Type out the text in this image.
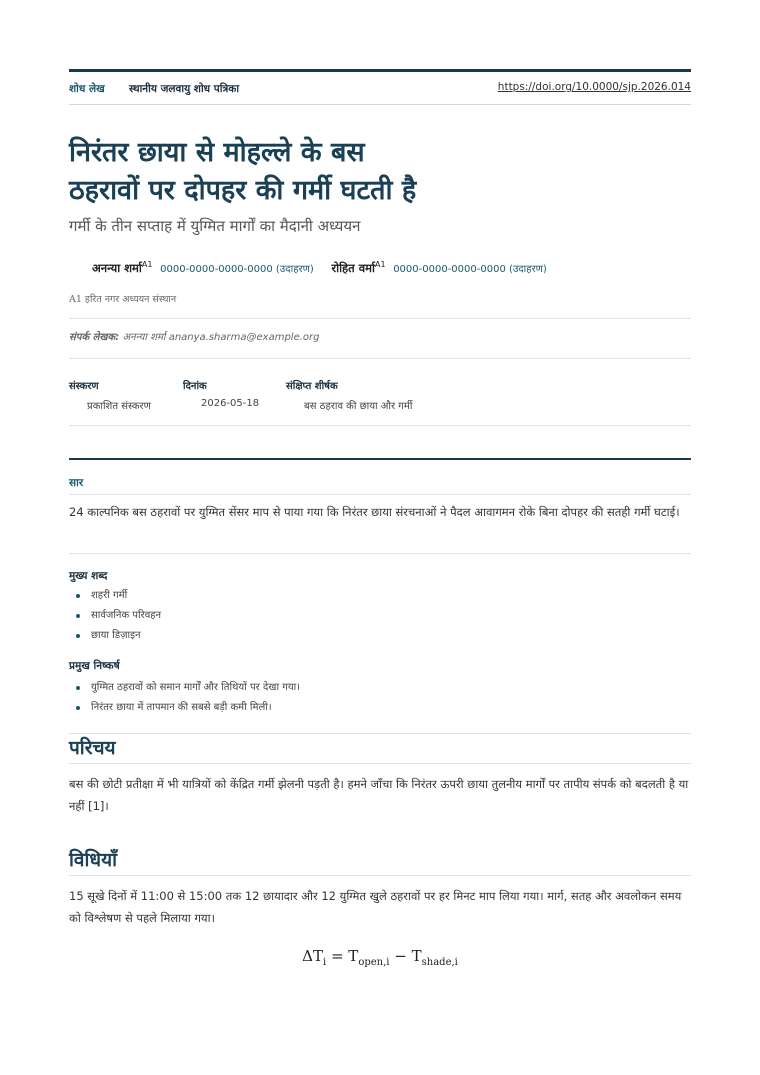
शोध लेख स्थानीय जलवायु शोध पत्रिका	https://doi.org/10.0000/sjp.2026.014
निरंतर छाया से मोहल्ले के बस
ठहरावों पर दोपहर की गर्मी घटती है
गर्मी के तीन सप्ताह में युग्मित मार्गों का मैदानी अध्ययन
अनन्या शर्मा$^{A1}$ 0000-0000-0000-0000 (उदाहरण) रोहित वर्मा$^{A1}$ 0000-0000-0000-0000 (उदाहरण)
A1 हरित नगर अध्ययन संस्थान
संपर्क लेखक: अनन्या शर्मा ananya.sharma@example.org
संस्करण
प्रकाशित संस्करण
दिनांक
2026-05-18
संक्षिप्त शीर्षक
बस ठहराव की छाया और गर्मी
सार
24 काल्पनिक बस ठहरावों पर युग्मित सेंसर माप से पाया गया कि निरंतर छाया संरचनाओं ने पैदल आवागमन रोके बिना दोपहर की सतही गर्मी घटाई।
मुख्य शब्द
शहरी गर्मी
सार्वजनिक परिवहन
छाया डिज़ाइन
प्रमुख निष्कर्ष
युग्मित ठहरावों को समान मार्गों और तिथियों पर देखा गया।
निरंतर छाया में तापमान की सबसे बड़ी कमी मिली।
परिचय
बस की छोटी प्रतीक्षा में भी यात्रियों को केंद्रित गर्मी झेलनी पड़ती है। हमने जाँचा कि निरंतर ऊपरी छाया तुलनीय मार्गों पर तापीय संपर्क को बदलती है या नहीं [1]।
विधियाँ
15 सूखे दिनों में 11:00 से 15:00 तक 12 छायादार और 12 युग्मित खुले ठहरावों पर हर मिनट माप लिया गया। मार्ग, सतह और अवलोकन समय को विश्लेषण से पहले मिलाया गया।
$\Delta T_i = T_{open,i} - T_{shade,i}$
